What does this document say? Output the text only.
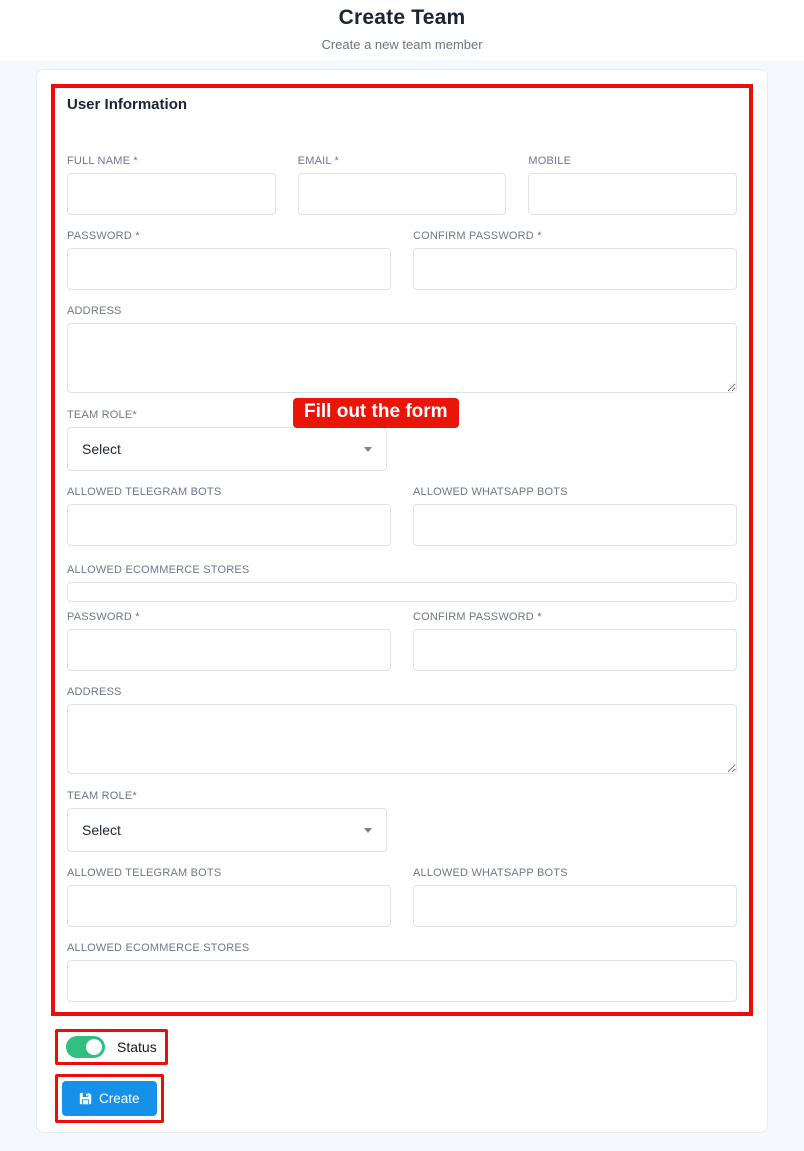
Create Team
Create a new team member
User Information
Fill out the form
FULL NAME *	EMAIL *	MOBILE
PASSWORD *	CONFIRM PASSWORD *
ADDRESS
TEAM ROLE*
Select
ALLOWED TELEGRAM BOTS	ALLOWED WHATSAPP BOTS
ALLOWED ECOMMERCE STORES
PASSWORD *	CONFIRM PASSWORD *
ADDRESS
TEAM ROLE*
Select
ALLOWED TELEGRAM BOTS	ALLOWED WHATSAPP BOTS
ALLOWED ECOMMERCE STORES
Status
Create
